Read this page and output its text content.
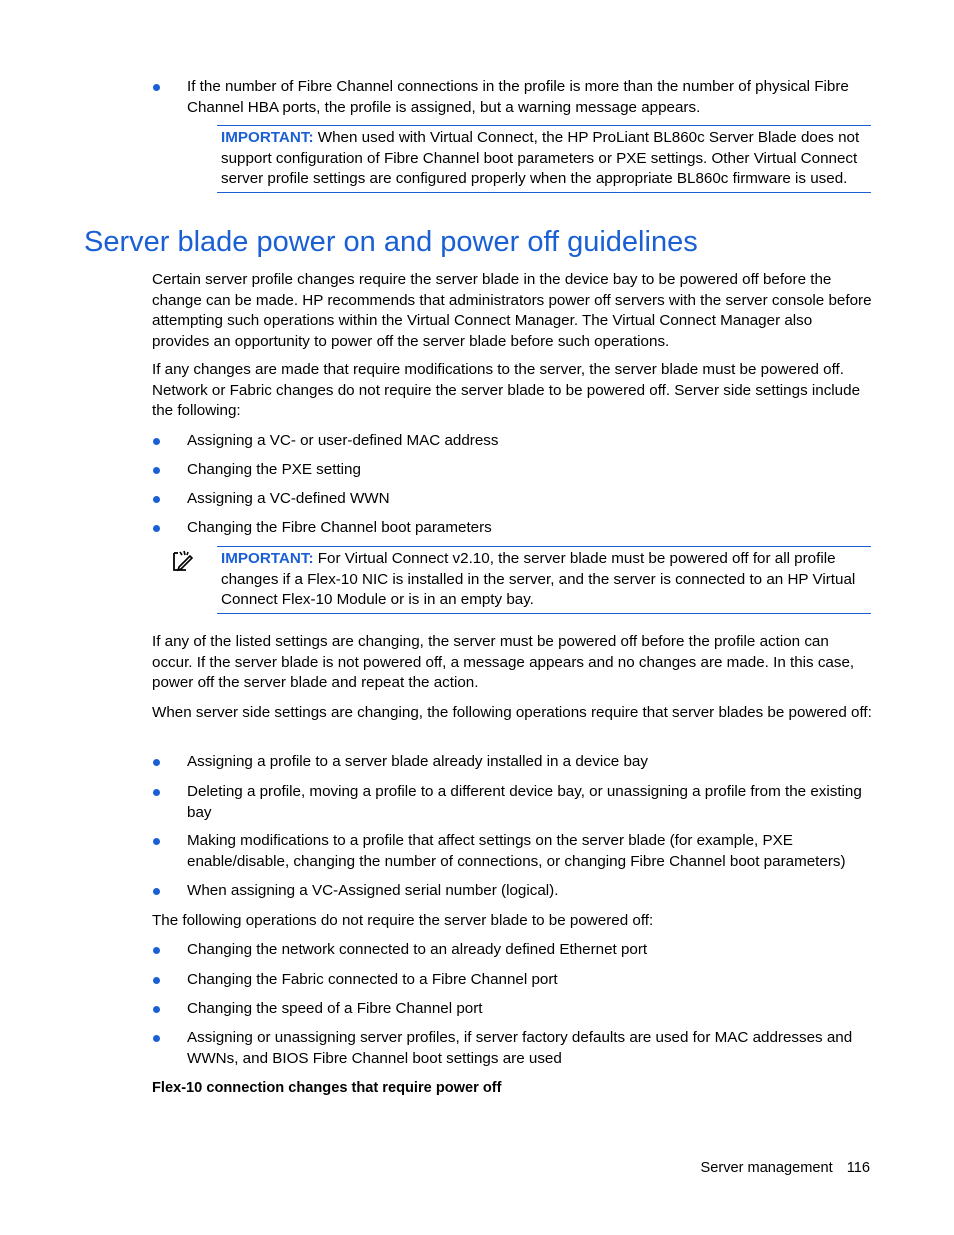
If the number of Fibre Channel connections in the profile is more than the number of physical Fibre Channel HBA ports, the profile is assigned, but a warning message appears.
IMPORTANT: When used with Virtual Connect, the HP ProLiant BL860c Server Blade does not support configuration of Fibre Channel boot parameters or PXE settings. Other Virtual Connect server profile settings are configured properly when the appropriate BL860c firmware is used.
Server blade power on and power off guidelines

Certain server profile changes require the server blade in the device bay to be powered off before the change can be made. HP recommends that administrators power off servers with the server console before attempting such operations within the Virtual Connect Manager. The Virtual Connect Manager also provides an opportunity to power off the server blade before such operations.

If any changes are made that require modifications to the server, the server blade must be powered off. Network or Fabric changes do not require the server blade to be powered off. Server side settings include the following:

Assigning a VC- or user-defined MAC address
Changing the PXE setting
Assigning a VC-defined WWN
Changing the Fibre Channel boot parameters
IMPORTANT: For Virtual Connect v2.10, the server blade must be powered off for all profile changes if a Flex-10 NIC is installed in the server, and the server is connected to an HP Virtual Connect Flex-10 Module or is in an empty bay.

If any of the listed settings are changing, the server must be powered off before the profile action can occur. If the server blade is not powered off, a message appears and no changes are made. In this case, power off the server blade and repeat the action.

When server side settings are changing, the following operations require that server blades be powered off:

Assigning a profile to a server blade already installed in a device bay
Deleting a profile, moving a profile to a different device bay, or unassigning a profile from the existing bay
Making modifications to a profile that affect settings on the server blade (for example, PXE enable/disable, changing the number of connections, or changing Fibre Channel boot parameters)
When assigning a VC-Assigned serial number (logical).

The following operations do not require the server blade to be powered off:

Changing the network connected to an already defined Ethernet port
Changing the Fabric connected to a Fibre Channel port
Changing the speed of a Fibre Channel port
Assigning or unassigning server profiles, if server factory defaults are used for MAC addresses and WWNs, and BIOS Fibre Channel boot settings are used
Flex-10 connection changes that require power off
Server management 116
